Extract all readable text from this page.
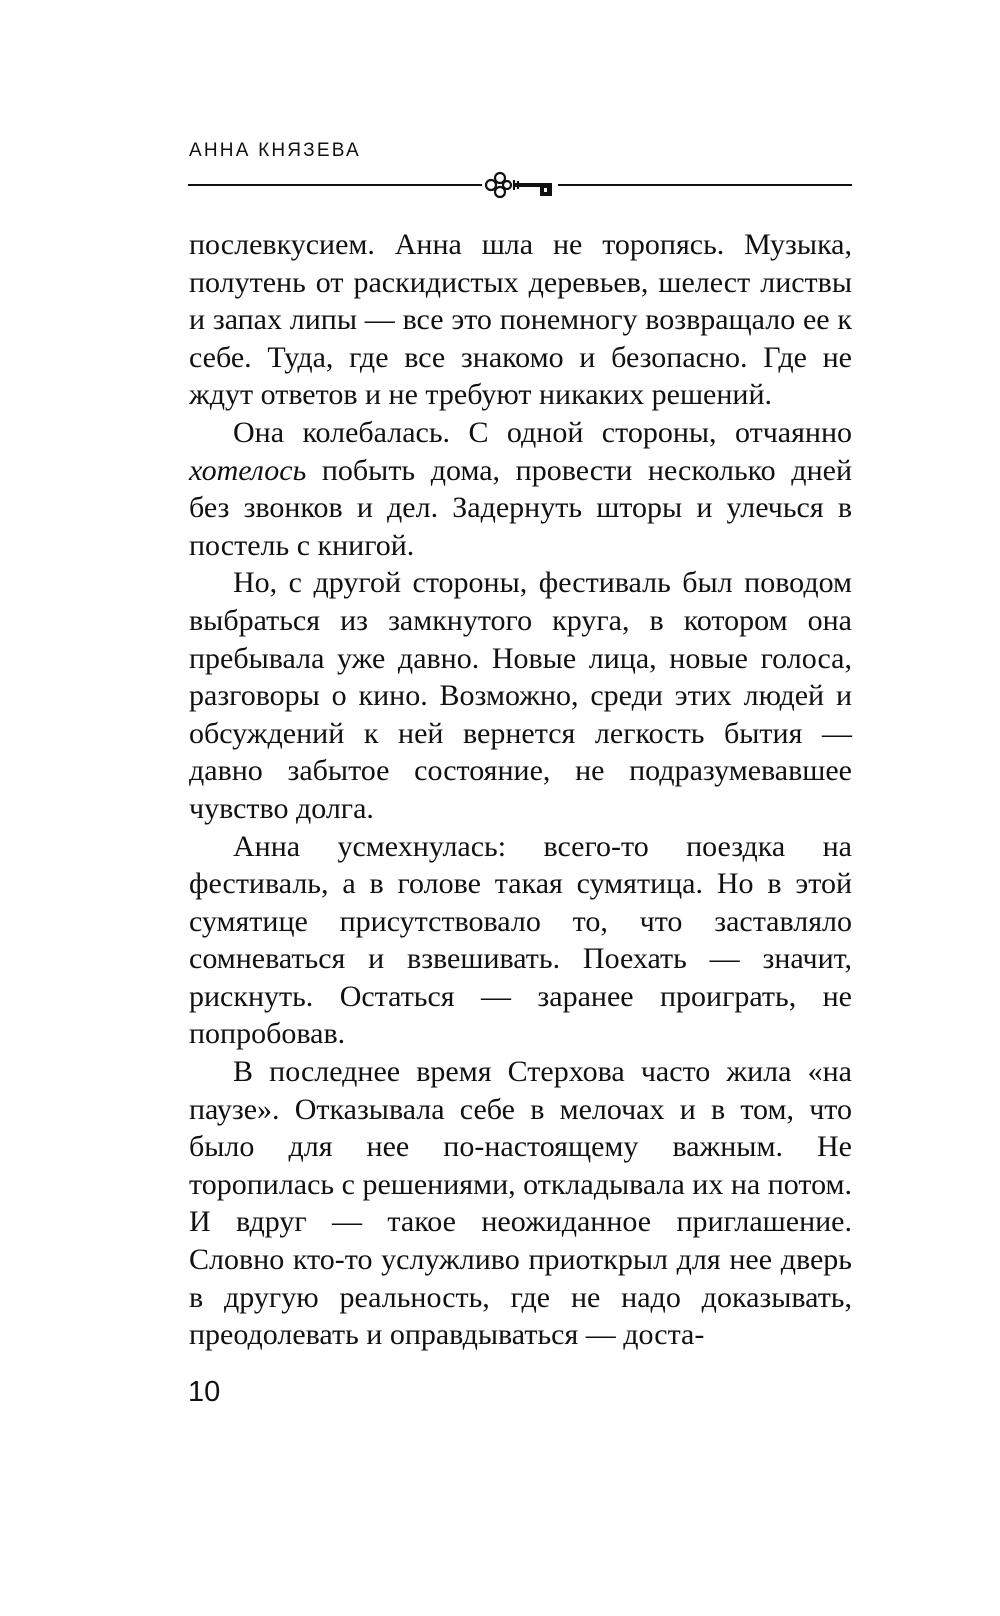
АННА КНЯЗЕВА

послевкусием. Анна шла не торопясь. Музыка, полутень от раскидистых деревьев, шелест листвы и запах липы — все это понемногу возвращало ее к себе. Туда, где все знакомо и безопасно. Где не ждут ответов и не требуют никаких решений.

Она колебалась. С одной стороны, отчаянно хотелось побыть дома, провести несколько дней без звонков и дел. Задернуть шторы и улечься в постель с книгой.

Но, с другой стороны, фестиваль был поводом выбраться из замкнутого круга, в котором она пребывала уже давно. Новые лица, новые голоса, разговоры о кино. Возможно, среди этих людей и обсуждений к ней вернется легкость бытия — давно забытое состояние, не подразумевавшее чувство долга.

Анна усмехнулась: всего-то поездка на фестиваль, а в голове такая сумятица. Но в этой сумятице присутствовало то, что заставляло сомневаться и взвешивать. Поехать — значит, рискнуть. Остаться — заранее проиграть, не попробовав.

В последнее время Стерхова часто жила «на паузе». Отказывала себе в мелочах и в том, что было для нее по-настоящему важным. Не торопилась с решениями, откладывала их на потом. И вдруг — такое неожиданное приглашение. Словно кто-то услужливо приоткрыл для нее дверь в другую реальность, где не надо доказывать, преодолевать и оправдываться — доста-

10
